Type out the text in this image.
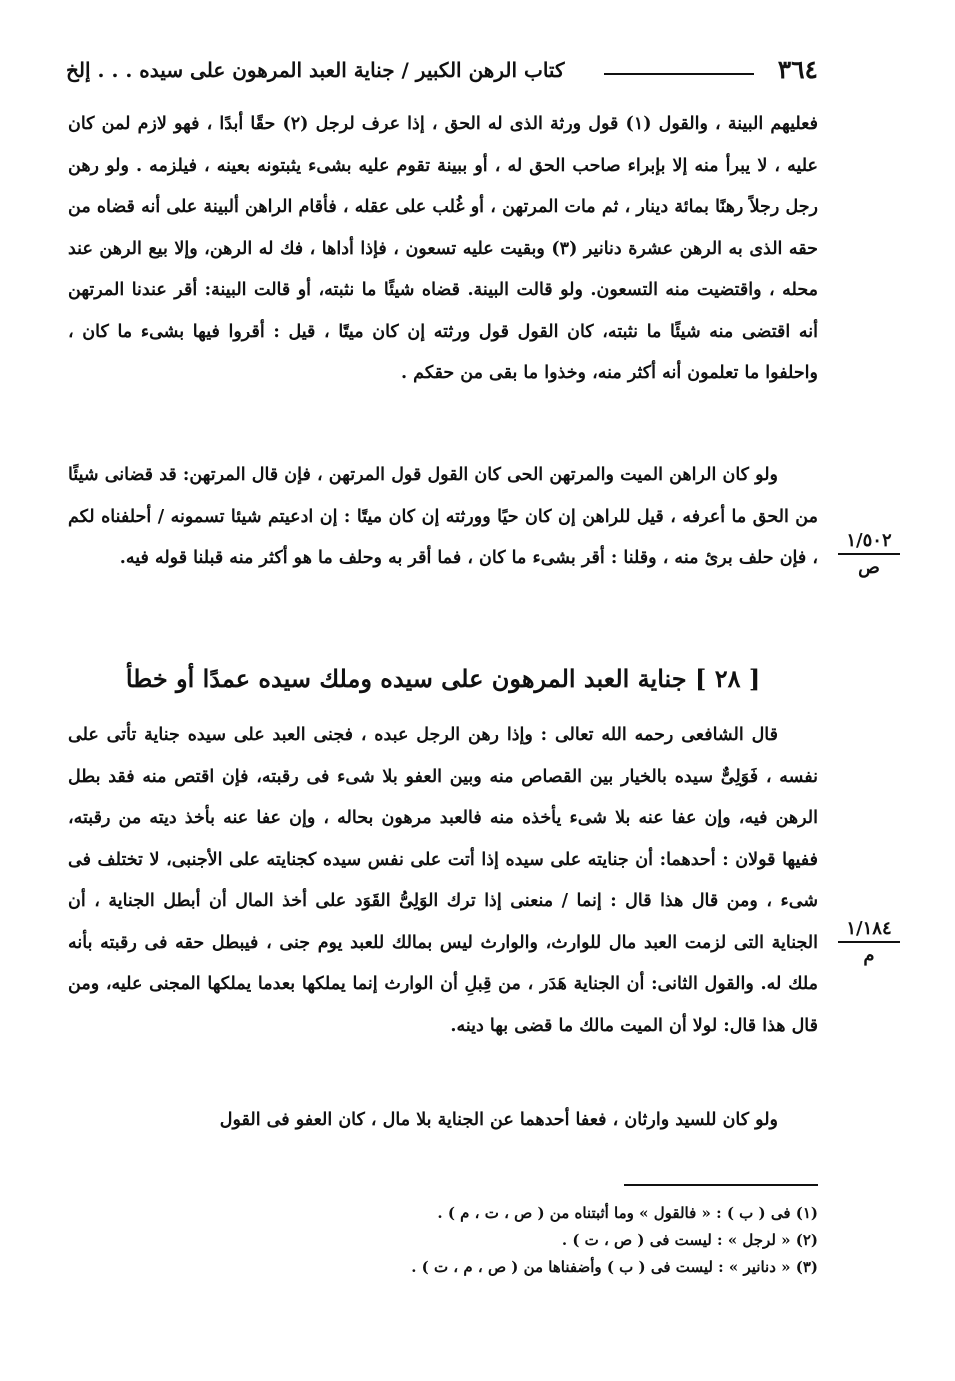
٣٦٤
كتاب الرهن الكبير / جناية العبد المرهون على سيده . . . إلخ

فعليهم البينة ، والقول (١) قول ورثة الذى له الحق ، إذا عرف لرجل (٢) حقًا أبدًا ، فهو لازم لمن كان عليه ، لا يبرأ منه إلا بإبراء صاحب الحق له ، أو ببينة تقوم عليه بشىء يثبتونه بعينه ، فيلزمه . ولو رهن رجل رجلاً رهنًا بمائة دينار ، ثم مات المرتهن ، أو غُلب على عقله ، فأقام الراهن ألبينة على أنه قضاه من حقه الذى به الرهن عشرة دنانير (٣) وبقيت عليه تسعون ، فإذا أداها ، فك له الرهن، وإلا بيع الرهن عند محله ، واقتضيت منه التسعون. ولو قالت البينة. قضاه شيئًا ما نثبته، أو قالت البينة: أقر عندنا المرتهن أنه اقتضى منه شيئًا ما نثبته، كان القول قول ورثته إن كان ميتًا ، قيل : أقروا فيها بشىء ما كان ، واحلفوا ما تعلمون أنه أكثر منه، وخذوا ما بقى من حقكم .

ولو كان الراهن الميت والمرتهن الحى كان القول قول المرتهن ، فإن قال المرتهن: قد قضانى شيئًا من الحق ما أعرفه ، قيل للراهن إن كان حيًا وورثته إن كان ميتًا : إن ادعيتم شيئا تسمونه / أحلفناه لكم ، فإن حلف برئ منه ، وقلنا : أقر بشىء ما كان ، فما أقر به وحلف ما هو أكثر منه قبلنا قوله فيه.

[ ٢٨ ] جناية العبد المرهون على سيده وملك سيده عمدًا أو خطأ

قال الشافعى رحمه الله تعالى : وإذا رهن الرجل عبده ، فجنى العبد على سيده جناية تأتى على نفسه ، فَوَلِىٌّ سيده بالخيار بين القصاص منه وبين العفو بلا شىء فى رقبته، فإن اقتص منه فقد بطل الرهن فيه، وإن عفا عنه بلا شىء يأخذه منه فالعبد مرهون بحاله ، وإن عفا عنه بأخذ ديته من رقبته، ففيها قولان : أحدهما: أن جنايته على سيده إذا أتت على نفس سيده كجنايته على الأجنبى، لا تختلف فى شىء ، ومن قال هذا قال : إنما / منعنى إذا ترك الوَلِىُّ القَوَد على أخذ المال أن أبطل الجناية ، أن الجناية التى لزمت العبد مال للوارث، والوارث ليس بمالك للعبد يوم جنى ، فيبطل حقه فى رقبته بأنه ملك له. والقول الثانى: أن الجناية هَدَر ، من قِبلِ أن الوارث إنما يملكها بعدما يملكها المجنى عليه، ومن قال هذا قال: لولا أن الميت مالك ما قضى بها دينه.

ولو كان للسيد وارثان ، فعفا أحدهما عن الجناية بلا مال ، كان العفو فى القول

١/٥٠٢
ص
١/١٨٤
م
(١) فى ( ب ) : « فالقول » وما أثبتناه من ( ص ، ت ، م ) .
(٢) « لرجل » : ليست فى ( ص ، ت ) .
(٣) « دنانير » : ليست فى ( ب ) وأضفناها من ( ص ، م ، ت ) .
